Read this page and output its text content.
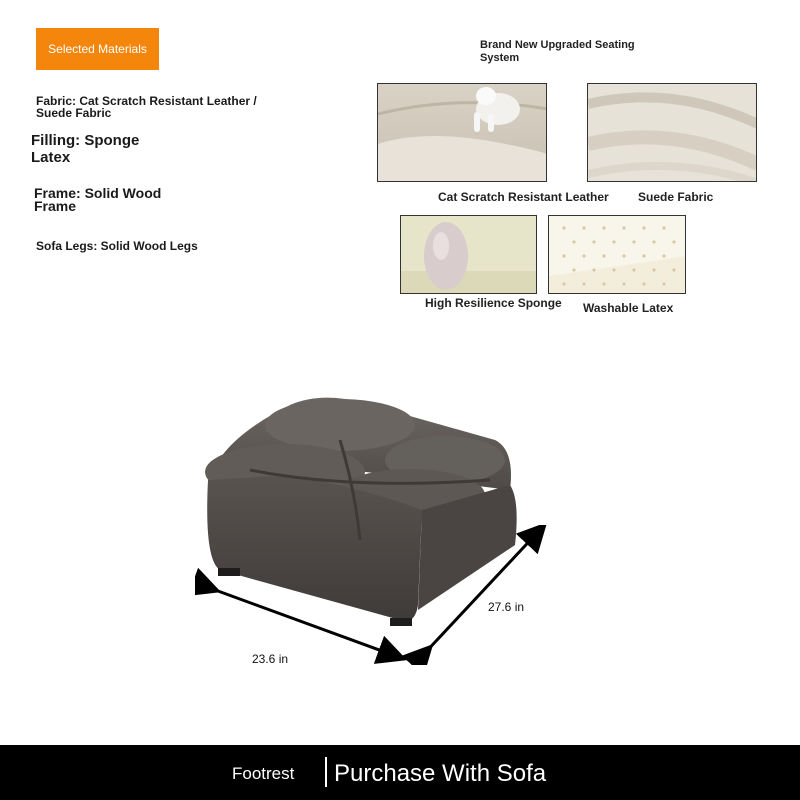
Selected Materials
Fabric: Cat Scratch Resistant Leather / Suede Fabric
Filling: Sponge Latex
Frame: Solid Wood Frame
Sofa Legs: Solid Wood Legs
Brand New Upgraded Seating System
Cat Scratch Resistant Leather Suede Fabric
High Resilience Sponge Washable Latex
23.6 in
27.6 in
Footrest Purchase With Sofa
